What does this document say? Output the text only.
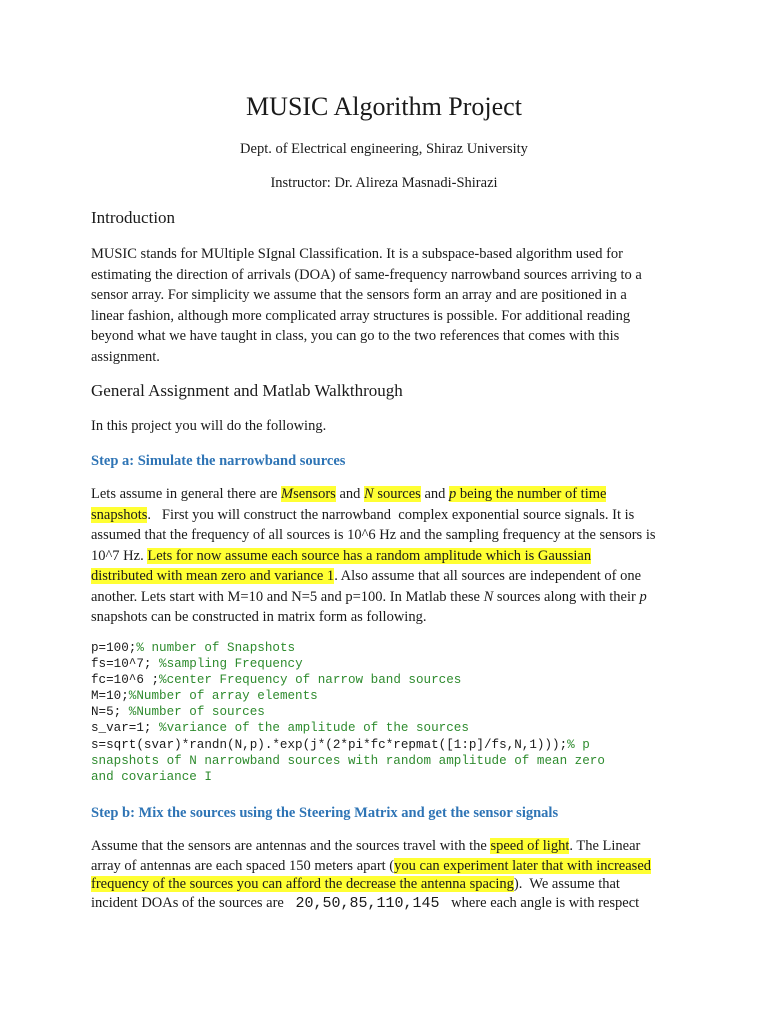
MUSIC Algorithm Project
Dept. of Electrical engineering, Shiraz University
Instructor: Dr. Alireza Masnadi-Shirazi
Introduction
MUSIC stands for MUltiple SIgnal Classification. It is a subspace-based algorithm used for
estimating the direction of arrivals (DOA) of same-frequency narrowband sources arriving to a
sensor array. For simplicity we assume that the sensors form an array and are positioned in a
linear fashion, although more complicated array structures is possible. For additional reading
beyond what we have taught in class, you can go to the two references that comes with this
assignment.
General Assignment and Matlab Walkthrough
In this project you will do the following.
Step a: Simulate the narrowband sources
Lets assume in general there are Msensors and N sources and p being the number of time
snapshots.   First you will construct the narrowband  complex exponential source signals. It is
assumed that the frequency of all sources is 10^6 Hz and the sampling frequency at the sensors is
10^7 Hz. Lets for now assume each source has a random amplitude which is Gaussian
distributed with mean zero and variance 1. Also assume that all sources are independent of one
another. Lets start with M=10 and N=5 and p=100. In Matlab these N sources along with their p
snapshots can be constructed in matrix form as following.
p=100;% number of Snapshots
fs=10^7; %sampling Frequency
fc=10^6 ;%center Frequency of narrow band sources
M=10;%Number of array elements
N=5; %Number of sources
s_var=1; %variance of the amplitude of the sources
s=sqrt(svar)*randn(N,p).*exp(j*(2*pi*fc*repmat([1:p]/fs,N,1)));% p
snapshots of N narrowband sources with random amplitude of mean zero
and covariance I
Step b: Mix the sources using the Steering Matrix and get the sensor signals
Assume that the sensors are antennas and the sources travel with the speed of light. The Linear
array of antennas are each spaced 150 meters apart (you can experiment later that with increased
frequency of the sources you can afford the decrease the antenna spacing).  We assume that
incident DOAs of the sources are 20,50,85,110,145 where each angle is with respect
